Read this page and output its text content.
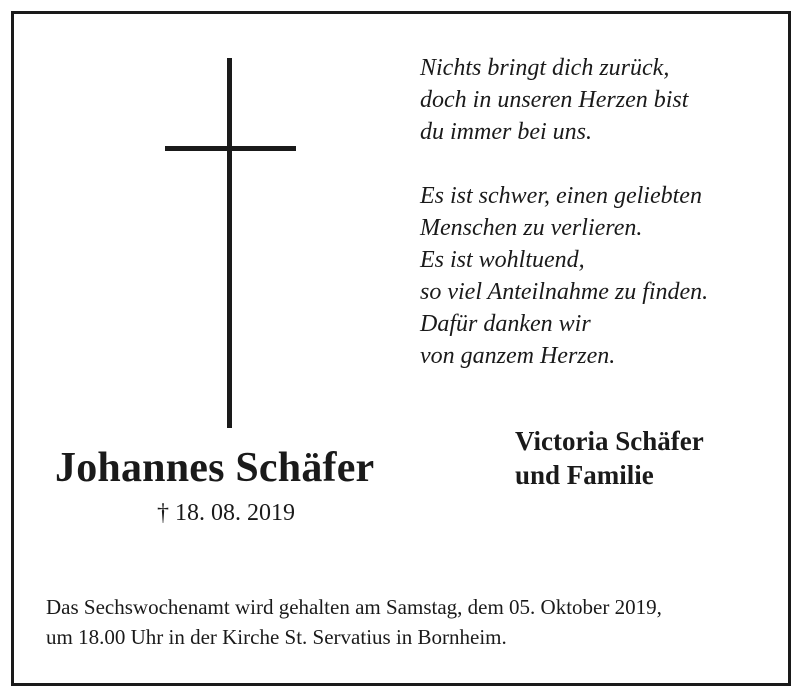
Nichts bringt dich zurück,
doch in unseren Herzen bist
du immer bei uns.
Es ist schwer, einen geliebten
Menschen zu verlieren.
Es ist wohltuend,
so viel Anteilnahme zu finden.
Dafür danken wir
von ganzem Herzen.
Johannes Schäfer
† 18. 08. 2019
Victoria Schäfer
und Familie
Das Sechswochenamt wird gehalten am Samstag, dem 05. Oktober 2019,
um 18.00 Uhr in der Kirche St. Servatius in Bornheim.
